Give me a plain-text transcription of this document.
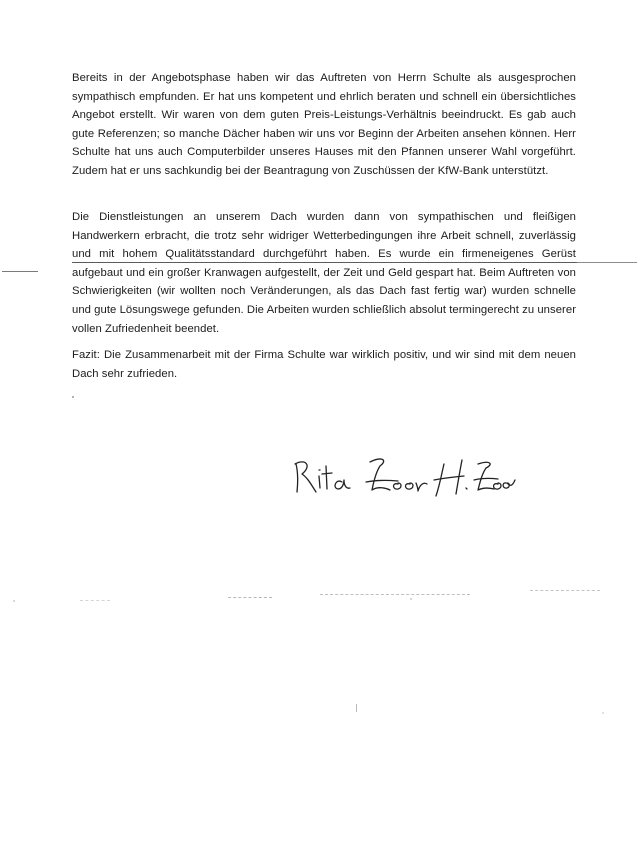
Bereits in der Angebotsphase haben wir das Auftreten von Herrn Schulte als ausgesprochen sympathisch empfunden. Er hat uns kompetent und ehrlich beraten und schnell ein übersichtliches Angebot erstellt. Wir waren von dem guten Preis-Leistungs-Verhältnis beeindruckt. Es gab auch gute Referenzen; so manche Dächer haben wir uns vor Beginn der Arbeiten ansehen können. Herr Schulte hat uns auch Computerbilder unseres Hauses mit den Pfannen unserer Wahl vorgeführt. Zudem hat er uns sachkundig bei der Beantragung von Zuschüssen der KfW-Bank unterstützt.

Die Dienstleistungen an unserem Dach wurden dann von sympathischen und fleißigen Handwerkern erbracht, die trotz sehr widriger Wetterbedingungen ihre Arbeit schnell, zuverlässig und mit hohem Qualitätsstandard durchgeführt haben. Es wurde ein firmeneigenes Gerüst aufgebaut und ein großer Kranwagen aufgestellt, der Zeit und Geld gespart hat. Beim Auftreten von Schwierigkeiten (wir wollten noch Veränderungen, als das Dach fast fertig war) wurden schnelle und gute Lösungswege gefunden. Die Arbeiten wurden schließlich absolut termingerecht zu unserer vollen Zufriedenheit beendet.

Fazit: Die Zusammenarbeit mit der Firma Schulte war wirklich positiv, und wir sind mit dem neuen Dach sehr zufrieden.
